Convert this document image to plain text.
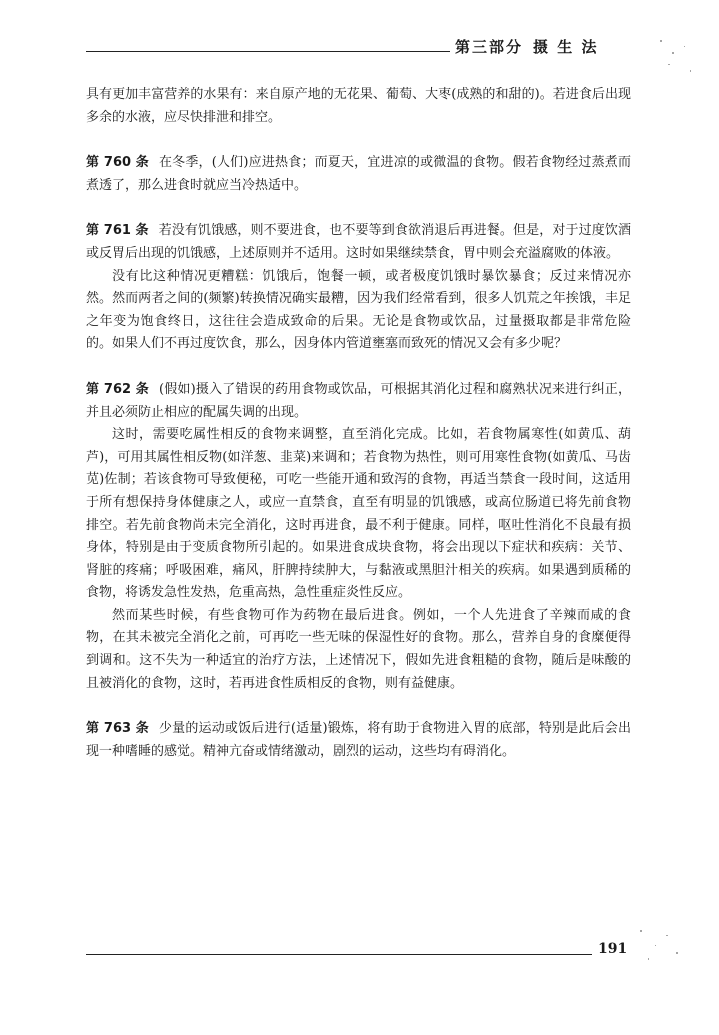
第三部分 摄 生 法

具有更加丰富营养的水果有：来自原产地的无花果、葡萄、大枣(成熟的和甜的)。若进食后出现多余的水液，应尽快排泄和排空。

第 760 条 在冬季，(人们)应进热食；而夏天，宜进凉的或微温的食物。假若食物经过蒸煮而煮透了，那么进食时就应当冷热适中。

第 761 条 若没有饥饿感，则不要进食，也不要等到食欲消退后再进餐。但是，对于过度饮酒或反胃后出现的饥饿感，上述原则并不适用。这时如果继续禁食，胃中则会充溢腐败的体液。

没有比这种情况更糟糕：饥饿后，饱餐一顿，或者极度饥饿时暴饮暴食；反过来情况亦然。然而两者之间的(频繁)转换情况确实最糟，因为我们经常看到，很多人饥荒之年挨饿，丰足之年变为饱食终日，这往往会造成致命的后果。无论是食物或饮品，过量摄取都是非常危险的。如果人们不再过度饮食，那么，因身体内管道壅塞而致死的情况又会有多少呢？

第 762 条 (假如)摄入了错误的药用食物或饮品，可根据其消化过程和腐熟状况来进行纠正，并且必须防止相应的配属失调的出现。

这时，需要吃属性相反的食物来调整，直至消化完成。比如，若食物属寒性(如黄瓜、葫芦)，可用其属性相反物(如洋葱、韭菜)来调和；若食物为热性，则可用寒性食物(如黄瓜、马齿苋)佐制；若该食物可导致便秘，可吃一些能开通和致泻的食物，再适当禁食一段时间，这适用于所有想保持身体健康之人，或应一直禁食，直至有明显的饥饿感，或高位肠道已将先前食物排空。若先前食物尚未完全消化，这时再进食，最不利于健康。同样，呕吐性消化不良最有损身体，特别是由于变质食物所引起的。如果进食成块食物，将会出现以下症状和疾病：关节、肾脏的疼痛；呼吸困难，痛风，肝脾持续肿大，与黏液或黑胆汁相关的疾病。如果遇到质稀的食物，将诱发急性发热，危重高热，急性重症炎性反应。

然而某些时候，有些食物可作为药物在最后进食。例如，一个人先进食了辛辣而咸的食物，在其未被完全消化之前，可再吃一些无味的保湿性好的食物。那么，营养自身的食糜便得到调和。这不失为一种适宜的治疗方法，上述情况下，假如先进食粗糙的食物，随后是味酸的且被消化的食物，这时，若再进食性质相反的食物，则有益健康。

第 763 条 少量的运动或饭后进行(适量)锻炼，将有助于食物进入胃的底部，特别是此后会出现一种嗜睡的感觉。精神亢奋或情绪激动，剧烈的运动，这些均有碍消化。

191
